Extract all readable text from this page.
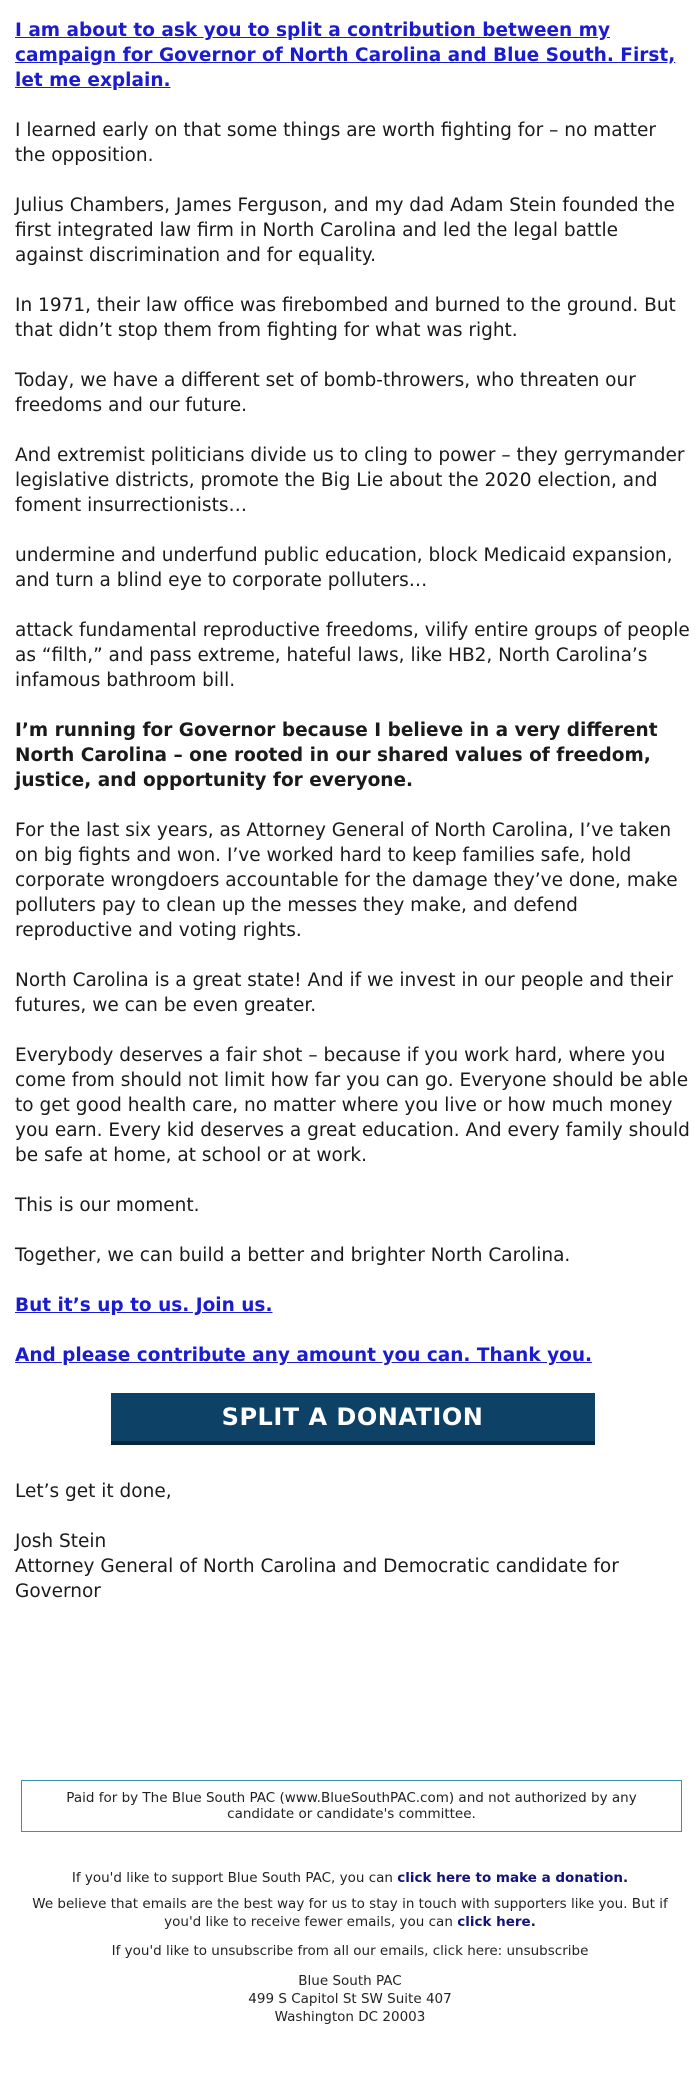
I am about to ask you to split a contribution between my campaign for Governor of North Carolina and Blue South. First, let me explain.

I learned early on that some things are worth fighting for – no matter the opposition.

Julius Chambers, James Ferguson, and my dad Adam Stein founded the first integrated law firm in North Carolina and led the legal battle against discrimination and for equality.

In 1971, their law office was firebombed and burned to the ground. But that didn’t stop them from fighting for what was right.

Today, we have a different set of bomb-throwers, who threaten our freedoms and our future.

And extremist politicians divide us to cling to power – they gerrymander legislative districts, promote the Big Lie about the 2020 election, and foment insurrectionists…

undermine and underfund public education, block Medicaid expansion, and turn a blind eye to corporate polluters…

attack fundamental reproductive freedoms, vilify entire groups of people as “filth,” and pass extreme, hateful laws, like HB2, North Carolina’s infamous bathroom bill.

I’m running for Governor because I believe in a very different North Carolina – one rooted in our shared values of freedom, justice, and opportunity for everyone.

For the last six years, as Attorney General of North Carolina, I’ve taken on big fights and won. I’ve worked hard to keep families safe, hold corporate wrongdoers accountable for the damage they’ve done, make polluters pay to clean up the messes they make, and defend reproductive and voting rights.

North Carolina is a great state! And if we invest in our people and their futures, we can be even greater.

Everybody deserves a fair shot – because if you work hard, where you come from should not limit how far you can go. Everyone should be able to get good health care, no matter where you live or how much money you earn. Every kid deserves a great education. And every family should be safe at home, at school or at work.

This is our moment.

Together, we can build a better and brighter North Carolina.

But it’s up to us. Join us.

And please contribute any amount you can. Thank you.

SPLIT A DONATION

Let’s get it done,

Josh Stein

Attorney General of North Carolina and Democratic candidate for Governor

Paid for by The Blue South PAC (www.BlueSouthPAC.com) and not authorized by any candidate or candidate's committee.
If you'd like to support Blue South PAC, you can click here to make a donation.
We believe that emails are the best way for us to stay in touch with supporters like you. But if you'd like to receive fewer emails, you can click here.
If you'd like to unsubscribe from all our emails, click here: unsubscribe
Blue South PAC
499 S Capitol St SW Suite 407
Washington DC 20003
